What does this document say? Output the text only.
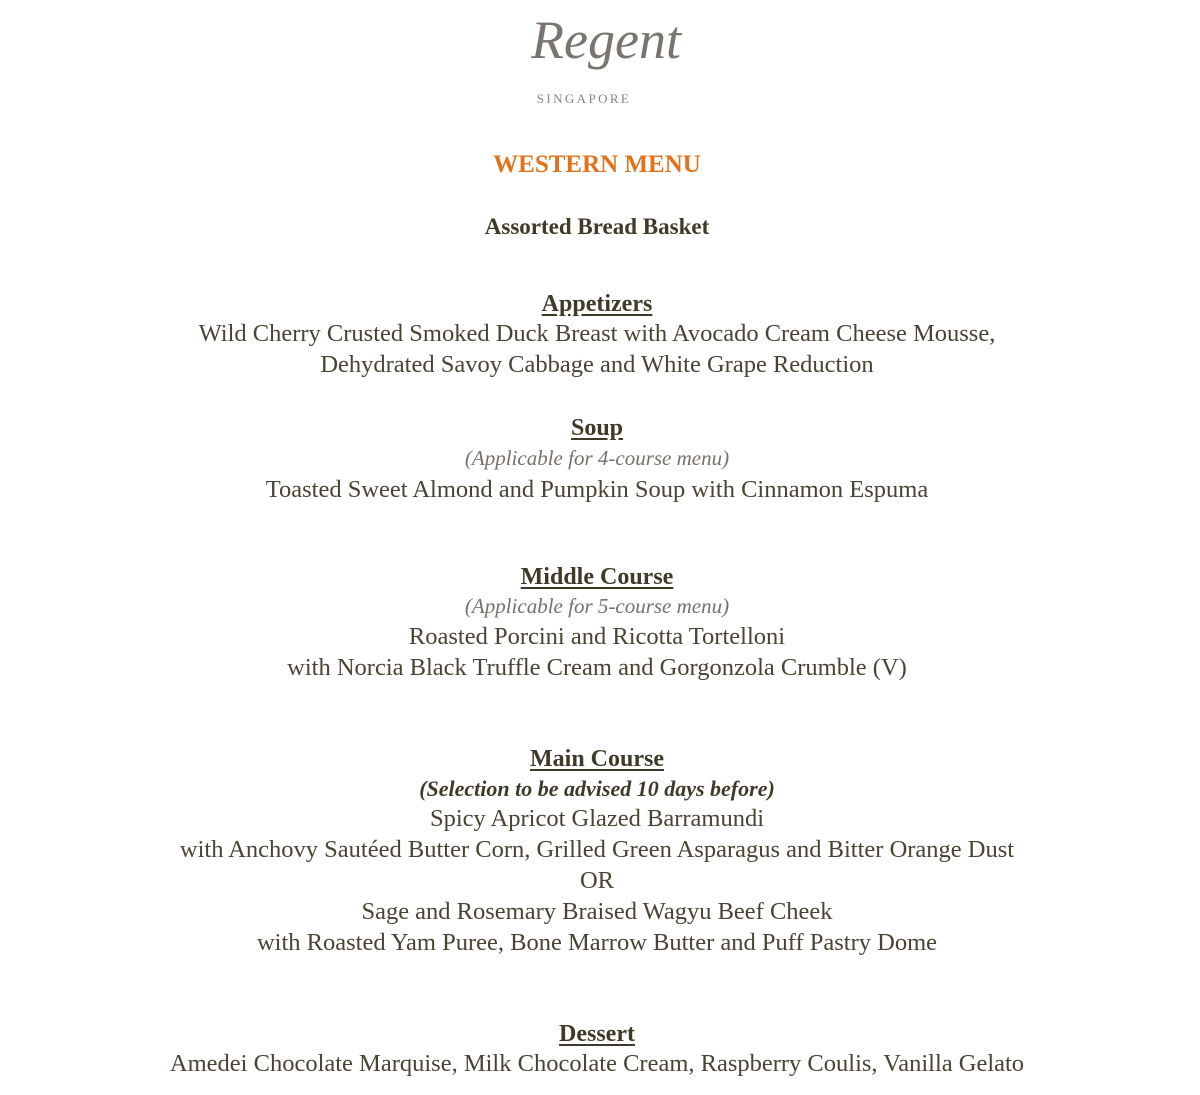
Regent
SINGAPORE
WESTERN MENU
Assorted Bread Basket
Appetizers
Wild Cherry Crusted Smoked Duck Breast with Avocado Cream Cheese Mousse,
Dehydrated Savoy Cabbage and White Grape Reduction
Soup
(Applicable for 4-course menu)
Toasted Sweet Almond and Pumpkin Soup with Cinnamon Espuma
Middle Course
(Applicable for 5-course menu)
Roasted Porcini and Ricotta Tortelloni
with Norcia Black Truffle Cream and Gorgonzola Crumble (V)
Main Course
(Selection to be advised 10 days before)
Spicy Apricot Glazed Barramundi
with Anchovy Sautéed Butter Corn, Grilled Green Asparagus and Bitter Orange Dust
OR
Sage and Rosemary Braised Wagyu Beef Cheek
with Roasted Yam Puree, Bone Marrow Butter and Puff Pastry Dome
Dessert
Amedei Chocolate Marquise, Milk Chocolate Cream, Raspberry Coulis, Vanilla Gelato
